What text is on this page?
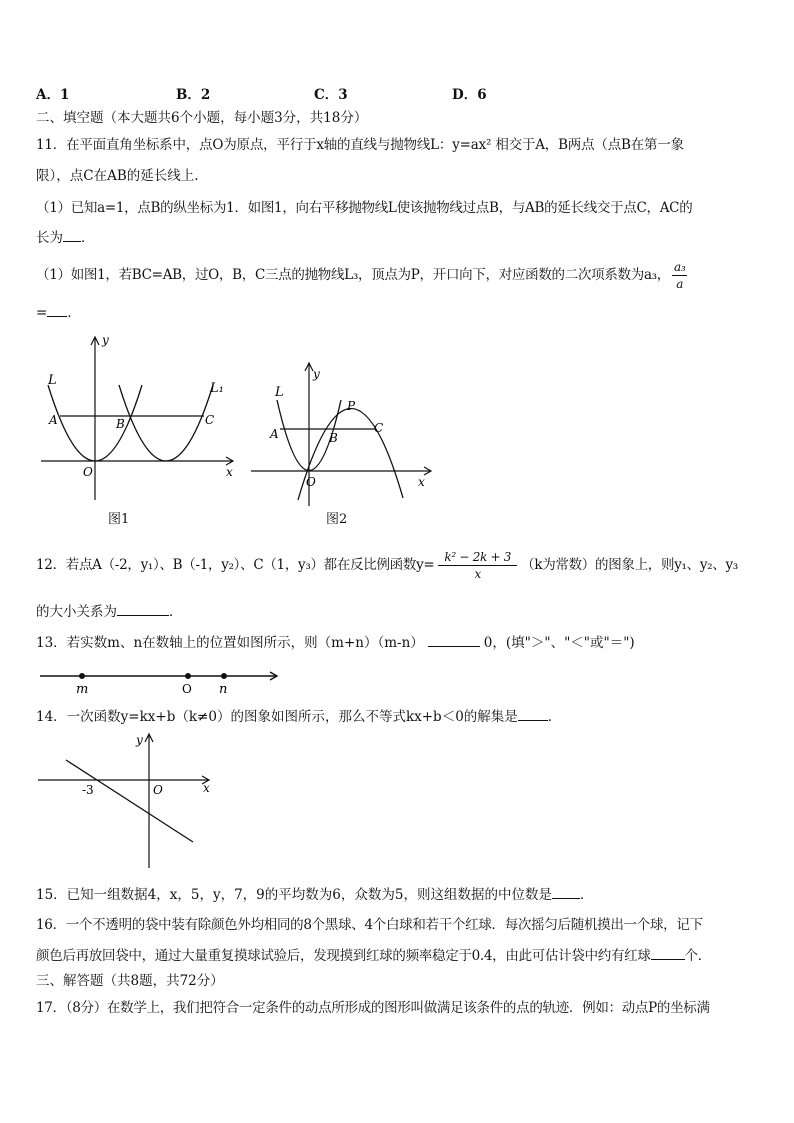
A．1	B．2	C．3	D．6
二、填空题（本大题共6个小题，每小题3分，共18分）
11．在平面直角坐标系中，点O为原点，平行于x轴的直线与抛物线L：y=ax² 相交于A，B两点（点B在第一象
限），点C在AB的延长线上.
（1）已知a=1，点B的纵坐标为1．如图1，向右平移抛物线L使该抛物线过点B，与AB的延长线交于点C，AC的
长为 ．
（1）如图1，若BC=AB，过O，B，C三点的抛物线L₃，顶点为P，开口向下，对应函数的二次项系数为a₃， $\frac{\text{a₃}}{a}$
= ．
L
L₁
y
x
O
A	B	C
图1
L
y
x
O
A	B
C
P
图2
12．若点A（-2，y₁）、B（-1，y₂）、C（1，y₃）都在反比例函数$y= \frac{\text{k² − 2k + 3}}{x} (k$为常数）的图象上，则y₁、y₂、y₃
的大小关系为	．
13．若实数m、n在数轴上的位置如图所示，则（m+n）（m-n）	0，(填"＞"、"＜"或"＝")
m	O n
14．一次函数y=kx+b（k≠0）的图象如图所示，那么不等式kx+b＜0的解集是 ．
y
x
O
-3
15．已知一组数据4，x，5，y，7，9的平均数为6，众数为5，则这组数据的中位数是 ．
16．一个不透明的袋中装有除颜色外均相同的8个黑球、4个白球和若干个红球．每次摇匀后随机摸出一个球，记下
颜色后再放回袋中，通过大量重复摸球试验后，发现摸到红球的频率稳定于0.4，由此可估计袋中约有红球	个．
三、解答题（共8题，共72分）
17．（8分）在数学上，我们把符合一定条件的动点所形成的图形叫做满足该条件的点的轨迹．例如：动点P的坐标满
